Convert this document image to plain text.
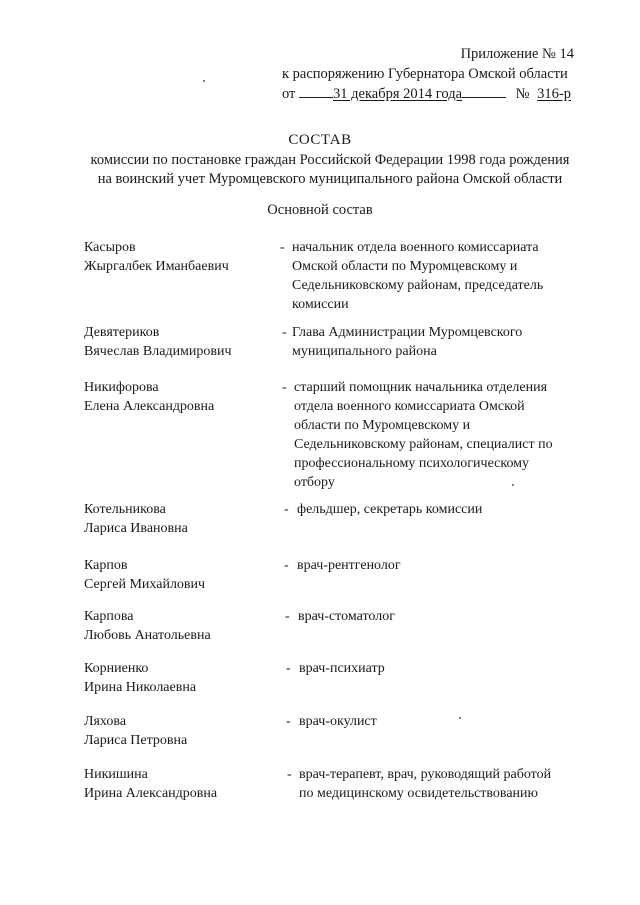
Приложение № 14
к распоряжению Губернатора Омской области
от	31 декабря 2014 года	№ 316-р
СОСТАВ
комиссии по постановке граждан Российской Федерации 1998 года рождения
на воинский учет Муромцевского муниципального района Омской области
Основной состав
Касыров
Жыргалбек Иманбаевич
- начальник отдела военного комиссариата
Омской области по Муромцевскому и
Седельниковскому районам, председатель
комиссии
Девятериков
Вячеслав Владимирович
- Глава Администрации Муромцевского
муниципального района
Никифорова
Елена Александровна
- старший помощник начальника отделения
отдела военного комиссариата Омской
области по Муромцевскому и
Седельниковскому районам, специалист по
профессиональному психологическому
отбору
Котельникова
Лариса Ивановна
- фельдшер, секретарь комиссии
Карпов
Сергей Михайлович
- врач-рентгенолог
Карпова
Любовь Анатольевна
- врач-стоматолог
Корниенко
Ирина Николаевна
- врач-психиатр
Ляхова
Лариса Петровна
- врач-окулист
Никишина
Ирина Александровна
- врач-терапевт, врач, руководящий работой
по медицинскому освидетельствованию
